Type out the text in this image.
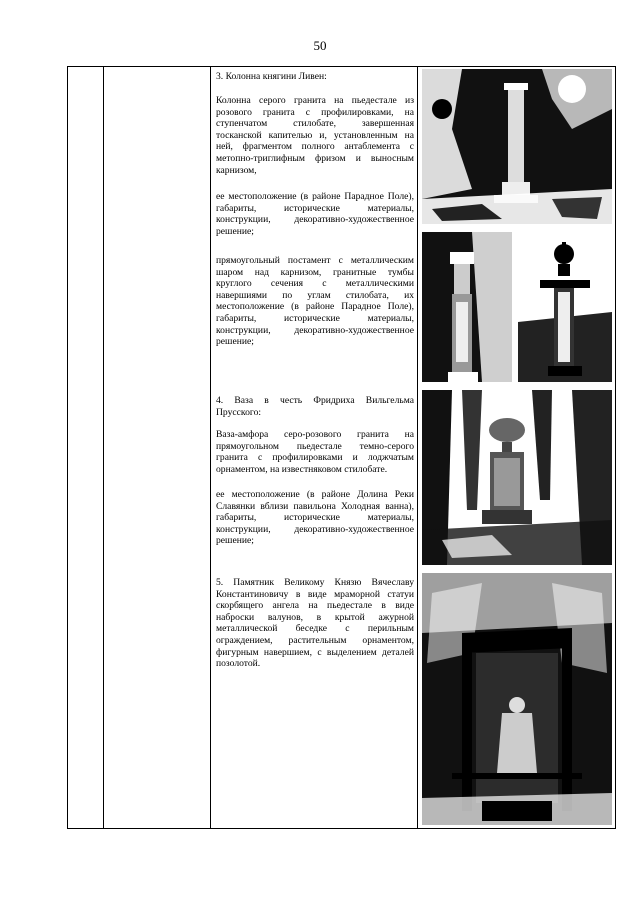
50

3. Колонна княгини Ливен:

Колонна серого гранита на пьедестале из розового гранита с профилировками, на ступенчатом стилобате, завершенная тосканской капителью и, установленным на ней, фрагментом полного антаблемента с метопно-триглифным фризом и выносным карнизом,

ее местоположение (в районе Парадное Поле), габариты, исторические материалы, конструкции, декоративно-художественное решение;

прямоугольный постамент с металлическим шаром над карнизом, гранитные тумбы круглого сечения с металлическими навершиями по углам стилобата, их местоположение (в районе Парадное Поле), габариты, исторические материалы, конструкции, декоративно-художественное решение;

4. Ваза в честь Фридриха Вильгельма Прусского:

Ваза-амфора серо-розового гранита на прямоугольном пьедестале темно-серого гранита с профилировками и лоджчатым орнаментом, на известняковом стилобате.

ее местоположение (в районе Долина Реки Славянки вблизи павильона Холодная ванна), габариты, исторические материалы, конструкции, декоративно-художественное решение;

5. Памятник Великому Князю Вячеславу Константиновичу в виде мраморной статуи скорбящего ангела на пьедестале в виде наброски валунов, в крытой ажурной металлической беседке с перильным ограждением, растительным орнаментом, фигурным навершием, с выделением деталей позолотой.
